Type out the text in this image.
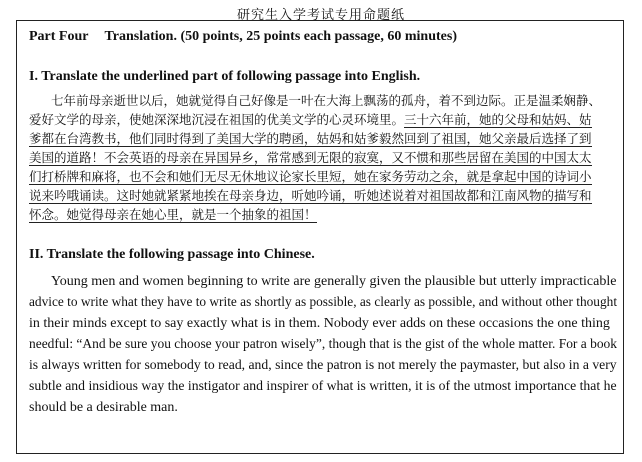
研究生入学考试专用命题纸
Part Four Translation. (50 points, 25 points each passage, 60 minutes)
I. Translate the underlined part of following passage into English.
七年前母亲逝世以后，她就觉得自己好像是一叶在大海上飘荡的孤舟，着不到边际。正是温柔娴静、
爱好文学的母亲，使她深深地沉浸在祖国的优美文学的心灵环境里。三十六年前，她的父母和姑妈、姑
爹都在台湾教书，他们同时得到了美国大学的聘函，姑妈和姑爹毅然回到了祖国，她父亲最后选择了到
美国的道路！不会英语的母亲在异国异乡，常常感到无限的寂寞，又不惯和那些居留在美国的中国太太
们打桥牌和麻将，也不会和她们无尽无休地议论家长里短，她在家务劳动之余，就是拿起中国的诗词小
说来吟哦诵读。这时她就紧紧地挨在母亲身边，听她吟诵，听她述说着对祖国故都和江南风物的描写和
怀念。她觉得母亲在她心里，就是一个抽象的祖国！
II. Translate the following passage into Chinese.
Young men and women beginning to write are generally given the plausible but utterly impracticable
advice to write what they have to write as shortly as possible, as clearly as possible, and without other thought
in their minds except to say exactly what is in them. Nobody ever adds on these occasions the one thing
needful: “And be sure you choose your patron wisely”, though that is the gist of the whole matter. For a book
is always written for somebody to read, and, since the patron is not merely the paymaster, but also in a very
subtle and insidious way the instigator and inspirer of what is written, it is of the utmost importance that he
should be a desirable man.
